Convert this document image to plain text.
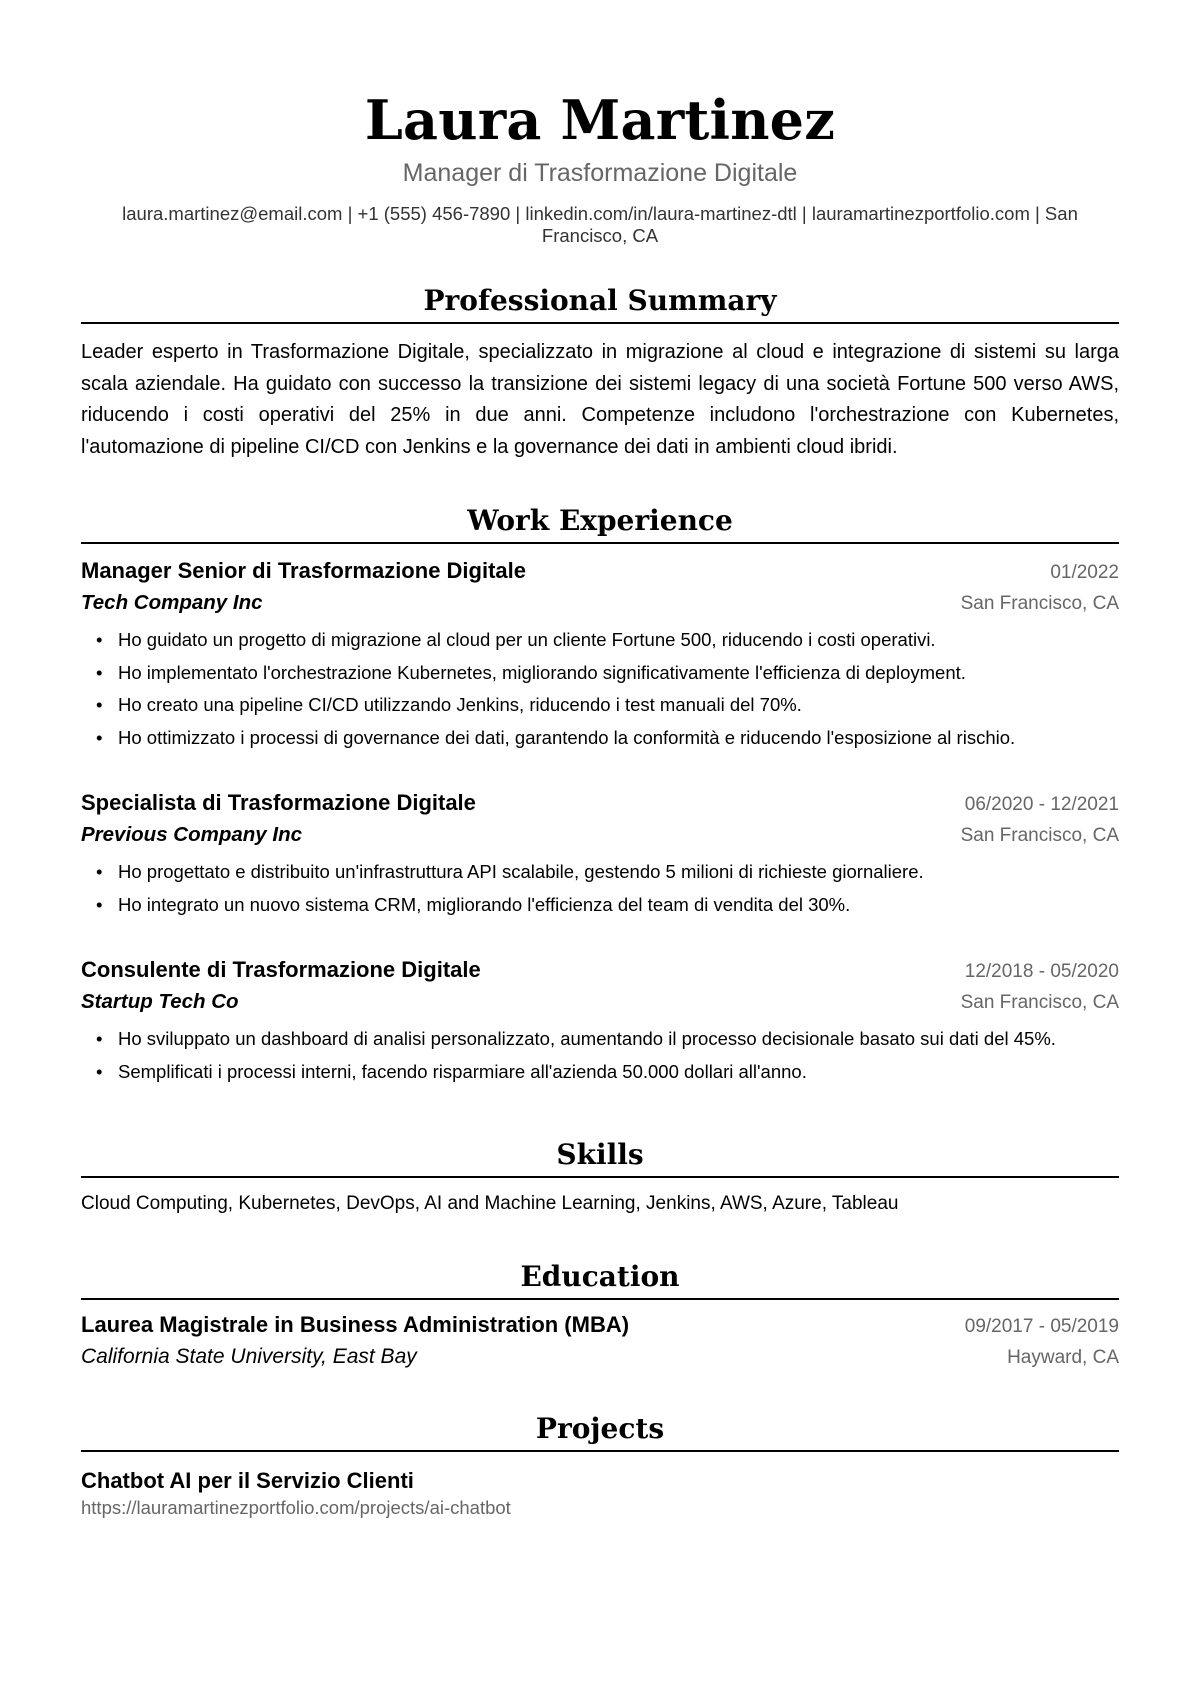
Laura Martinez
Manager di Trasformazione Digitale
laura.martinez@email.com | +1 (555) 456-7890 | linkedin.com/in/laura-martinez-dtl | lauramartinezportfolio.com | San Francisco, CA
Professional Summary
Leader esperto in Trasformazione Digitale, specializzato in migrazione al cloud e integrazione di sistemi su larga scala aziendale. Ha guidato con successo la transizione dei sistemi legacy di una società Fortune 500 verso AWS, riducendo i costi operativi del 25% in due anni. Competenze includono l'orchestrazione con Kubernetes, l'automazione di pipeline CI/CD con Jenkins e la governance dei dati in ambienti cloud ibridi.
Work Experience
Manager Senior di Trasformazione Digitale	01/2022
Tech Company Inc	San Francisco, CA
• Ho guidato un progetto di migrazione al cloud per un cliente Fortune 500, riducendo i costi operativi.
• Ho implementato l'orchestrazione Kubernetes, migliorando significativamente l'efficienza di deployment.
• Ho creato una pipeline CI/CD utilizzando Jenkins, riducendo i test manuali del 70%.
• Ho ottimizzato i processi di governance dei dati, garantendo la conformità e riducendo l'esposizione al rischio.
Specialista di Trasformazione Digitale	06/2020 - 12/2021
Previous Company Inc	San Francisco, CA
• Ho progettato e distribuito un'infrastruttura API scalabile, gestendo 5 milioni di richieste giornaliere.
• Ho integrato un nuovo sistema CRM, migliorando l'efficienza del team di vendita del 30%.
Consulente di Trasformazione Digitale	12/2018 - 05/2020
Startup Tech Co	San Francisco, CA
• Ho sviluppato un dashboard di analisi personalizzato, aumentando il processo decisionale basato sui dati del 45%.
• Semplificati i processi interni, facendo risparmiare all'azienda 50.000 dollari all'anno.
Skills
Cloud Computing, Kubernetes, DevOps, AI and Machine Learning, Jenkins, AWS, Azure, Tableau
Education
Laurea Magistrale in Business Administration (MBA)	09/2017 - 05/2019
California State University, East Bay	Hayward, CA
Projects
Chatbot AI per il Servizio Clienti
https://lauramartinezportfolio.com/projects/ai-chatbot
